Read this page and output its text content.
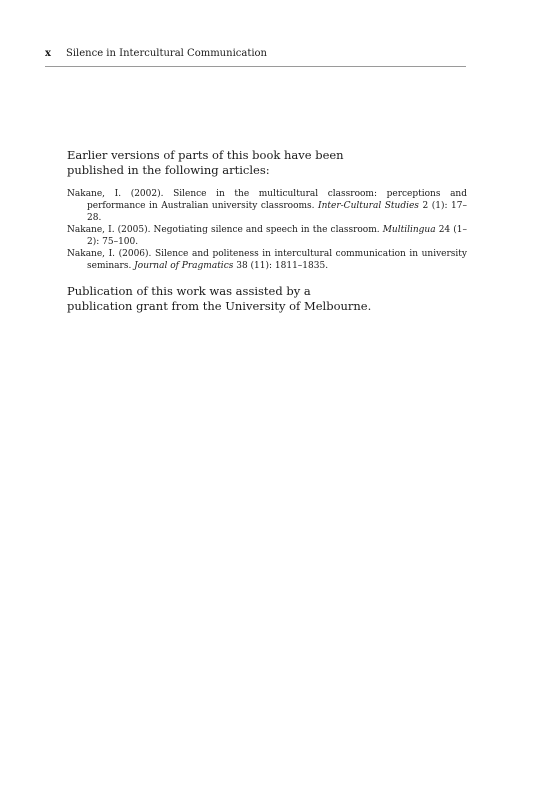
x	Silence in Intercultural Communication

Earlier versions of parts of this book have been published in the following articles:

Nakane, I. (2002). Silence in the multicultural classroom: perceptions and performance in Australian university classrooms. Inter-Cultural Studies 2 (1): 17–28.
Nakane, I. (2005). Negotiating silence and speech in the classroom. Multilingua 24 (1–2): 75–100.
Nakane, I. (2006). Silence and politeness in intercultural communication in university seminars. Journal of Pragmatics 38 (11): 1811–1835.

Publication of this work was assisted by a publication grant from the University of Melbourne.
